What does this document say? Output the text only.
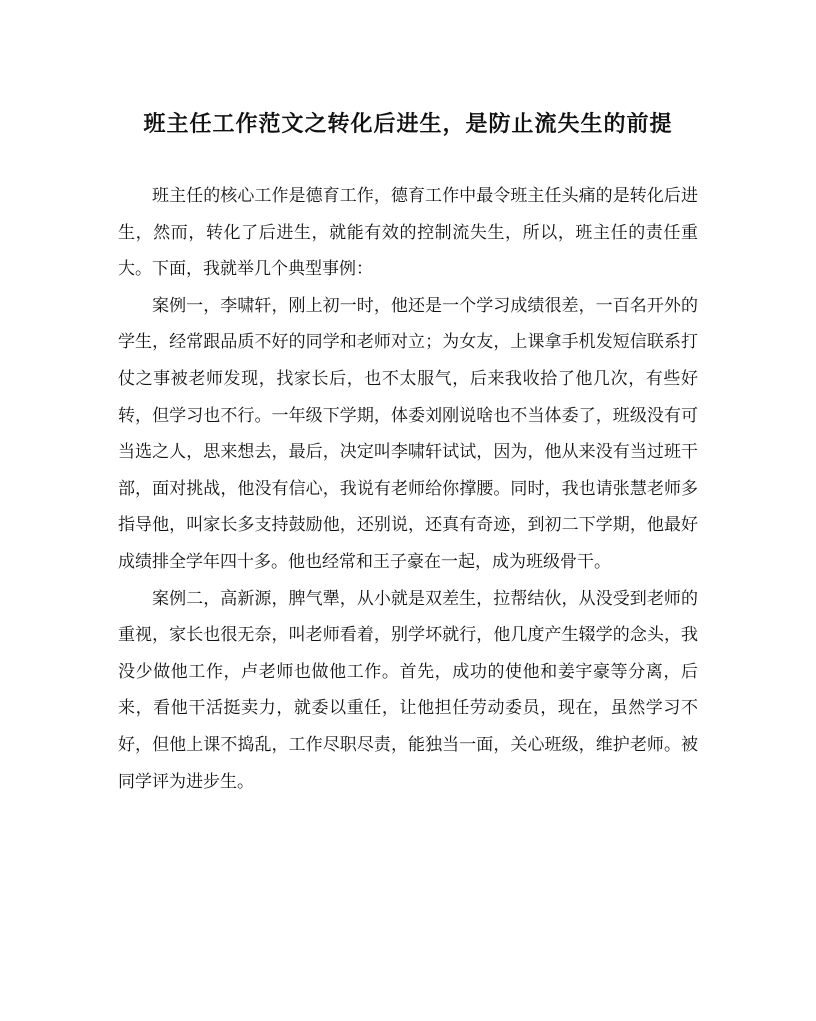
班主任工作范文之转化后进生，是防止流失生的前提

班主任的核心工作是德育工作，德育工作中最令班主任头痛的是转化后进生，然而，转化了后进生，就能有效的控制流失生，所以，班主任的责任重大。下面，我就举几个典型事例：

案例一，李啸轩，刚上初一时，他还是一个学习成绩很差，一百名开外的学生，经常跟品质不好的同学和老师对立；为女友，上课拿手机发短信联系打仗之事被老师发现，找家长后，也不太服气，后来我收拾了他几次，有些好转，但学习也不行。一年级下学期，体委刘刚说啥也不当体委了，班级没有可当选之人，思来想去，最后，决定叫李啸轩试试，因为，他从来没有当过班干部，面对挑战，他没有信心，我说有老师给你撑腰。同时，我也请张慧老师多指导他，叫家长多支持鼓励他，还别说，还真有奇迹，到初二下学期，他最好成绩排全学年四十多。他也经常和王子豪在一起，成为班级骨干。

案例二，高新源，脾气犟，从小就是双差生，拉帮结伙，从没受到老师的重视，家长也很无奈，叫老师看着，别学坏就行，他几度产生辍学的念头，我没少做他工作，卢老师也做他工作。首先，成功的使他和姜宇豪等分离，后来，看他干活挺卖力，就委以重任，让他担任劳动委员，现在，虽然学习不好，但他上课不捣乱，工作尽职尽责，能独当一面，关心班级，维护老师。被同学评为进步生。
